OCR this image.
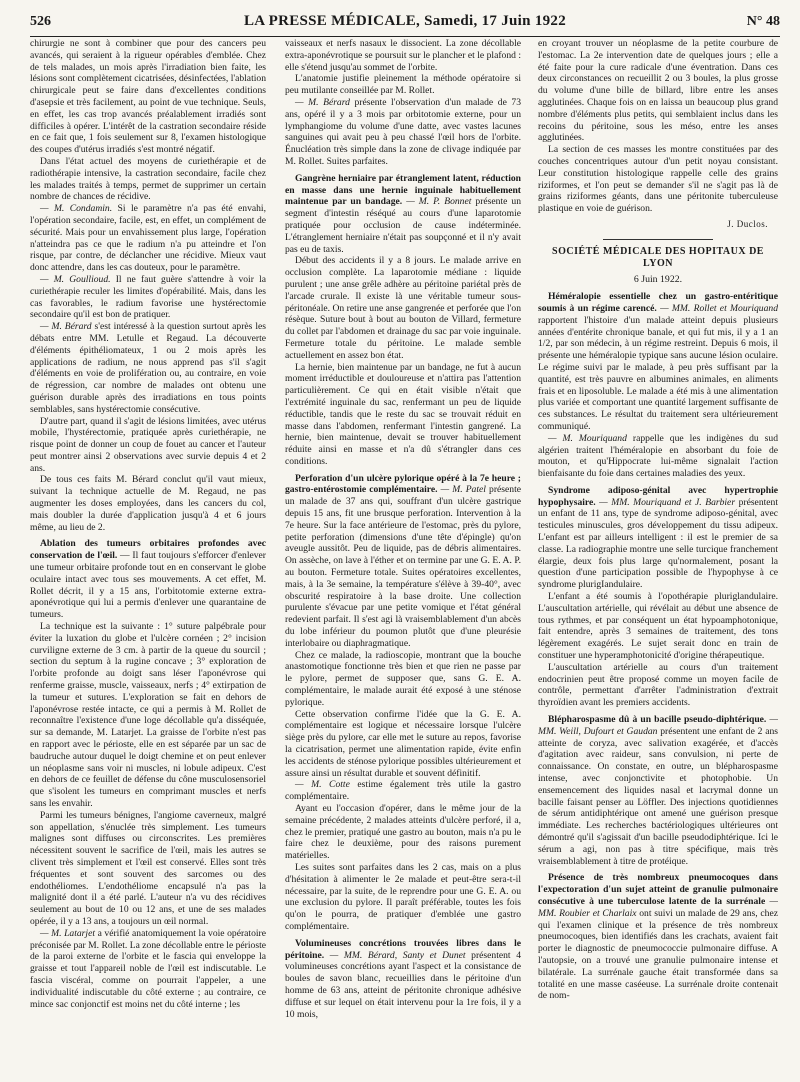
526	LA PRESSE MÉDICALE, Samedi, 17 Juin 1922	N° 48

chirurgie ne sont à combiner que pour des cancers peu avancés, qui seraient à la rigueur opérables d'emblée. Chez de tels malades, un mois après l'irradiation bien faite, les lésions sont complètement cicatrisées, désinfectées, l'ablation chirurgicale peut se faire dans d'excellentes conditions d'asepsie et très facilement, au point de vue technique. Seuls, en effet, les cas trop avancés préalablement irradiés sont difficiles à opérer. L'intérêt de la castration secondaire réside en ce fait que, 1 fois seulement sur 8, l'examen histologique des coupes d'utérus irradiés s'est montré négatif.

Dans l'état actuel des moyens de curiethérapie et de radiothérapie intensive, la castration secondaire, facile chez les malades traités à temps, permet de supprimer un certain nombre de chances de récidive.

— M. Condamin. Si le paramètre n'a pas été envahi, l'opération secondaire, facile, est, en effet, un complément de sécurité. Mais pour un envahissement plus large, l'opération n'atteindra pas ce que le radium n'a pu atteindre et l'on risque, par contre, de déclancher une récidive. Mieux vaut donc attendre, dans les cas douteux, pour le paramètre.

— M. Goullioud. Il ne faut guère s'attendre à voir la curiethérapie reculer les limites d'opérabilité. Mais, dans les cas favorables, le radium favorise une hystérectomie secondaire qu'il est bon de pratiquer.

— M. Bérard s'est intéressé à la question surtout après les débats entre MM. Letulle et Regaud. La découverte d'éléments épithéliomateux, 1 ou 2 mois après les applications de radium, ne nous apprend pas s'il s'agit d'éléments en voie de prolifération ou, au contraire, en voie de régression, car nombre de malades ont obtenu une guérison durable après des irradiations en tous points semblables, sans hystérectomie consécutive.

D'autre part, quand il s'agit de lésions limitées, avec utérus mobile, l'hystérectomie, pratiquée après curiethérapie, ne risque point de donner un coup de fouet au cancer et l'auteur peut montrer ainsi 2 observations avec survie depuis 4 et 2 ans.

De tous ces faits M. Bérard conclut qu'il vaut mieux, suivant la technique actuelle de M. Regaud, ne pas augmenter les doses employées, dans les cancers du col, mais doubler la durée d'application jusqu'à 4 et 6 jours même, au lieu de 2.

Ablation des tumeurs orbitaires profondes avec conservation de l'œil. — Il faut toujours s'efforcer d'enlever une tumeur orbitaire profonde tout en en conservant le globe oculaire intact avec tous ses mouvements. A cet effet, M. Rollet décrit, il y a 15 ans, l'orbitotomie externe extra-aponévrotique qui lui a permis d'enlever une quarantaine de tumeurs.

La technique est la suivante : 1° suture palpébrale pour éviter la luxation du globe et l'ulcère cornéen ; 2° incision curviligne externe de 3 cm. à partir de la queue du sourcil ; section du septum à la rugine concave ; 3° exploration de l'orbite profonde au doigt sans léser l'aponévrose qui renferme graisse, muscle, vaisseaux, nerfs ; 4° extirpation de la tumeur et sutures. L'exploration se fait en dehors de l'aponévrose restée intacte, ce qui a permis à M. Rollet de reconnaître l'existence d'une loge décollable qu'a disséquée, sur sa demande, M. Latarjet. La graisse de l'orbite n'est pas en rapport avec le périoste, elle en est séparée par un sac de baudruche autour duquel le doigt chemine et on peut enlever un néoplasme sans voir ni muscles, ni lobule adipeux. C'est en dehors de ce feuillet de défense du cône musculosensoriel que s'isolent les tumeurs en comprimant muscles et nerfs sans les envahir.

Parmi les tumeurs bénignes, l'angiome caverneux, malgré son appellation, s'énuclée très simplement. Les tumeurs malignes sont diffuses ou circonscrites. Les premières nécessitent souvent le sacrifice de l'œil, mais les autres se clivent très simplement et l'œil est conservé. Elles sont très fréquentes et sont souvent des sarcomes ou des endothéliomes. L'endothéliome encapsulé n'a pas la malignité dont il a été parlé. L'auteur n'a vu des récidives seulement au bout de 10 ou 12 ans, et une de ses malades opérée, il y a 13 ans, a toujours un œil normal.

— M. Latarjet a vérifié anatomiquement la voie opératoire préconisée par M. Rollet. La zone décollable entre le périoste de la paroi externe de l'orbite et le fascia qui enveloppe la graisse et tout l'appareil noble de l'œil est indiscutable. Le fascia viscéral, comme on pourrait l'appeler, a une individualité indiscutable du côté externe ; au contraire, ce mince sac conjonctif est moins net du côté interne ; les

vaisseaux et nerfs nasaux le dissocient. La zone décollable extra-aponévrotique se poursuit sur le plancher et le plafond : elle s'étend jusqu'au sommet de l'orbite.

L'anatomie justifie pleinement la méthode opératoire si peu mutilante conseillée par M. Rollet.

— M. Bérard présente l'observation d'un malade de 73 ans, opéré il y a 3 mois par orbitotomie externe, pour un lymphangiome du volume d'une datte, avec vastes lacunes sanguines qui avait peu à peu chassé l'œil hors de l'orbite. Énucléation très simple dans la zone de clivage indiquée par M. Rollet. Suites parfaites.

Gangrène herniaire par étranglement latent, réduction en masse dans une hernie inguinale habituellement maintenue par un bandage. — M. P. Bonnet présente un segment d'intestin réséqué au cours d'une laparotomie pratiquée pour occlusion de cause indéterminée. L'étranglement herniaire n'était pas soupçonné et il n'y avait pas eu de taxis.

Début des accidents il y a 8 jours. Le malade arrive en occlusion complète. La laparotomie médiane : liquide purulent ; une anse grêle adhère au péritoine pariétal près de l'arcade crurale. Il existe là une véritable tumeur sous-péritonéale. On retire une anse gangrenée et perforée que l'on résèque. Suture bout à bout au bouton de Villard, fermeture du collet par l'abdomen et drainage du sac par voie inguinale. Fermeture totale du péritoine. Le malade semble actuellement en assez bon état.

La hernie, bien maintenue par un bandage, ne fut à aucun moment irréductible et douloureuse et n'attira pas l'attention particulièrement. Ce qui en était visible n'était que l'extrémité inguinale du sac, renfermant un peu de liquide réductible, tandis que le reste du sac se trouvait réduit en masse dans l'abdomen, renfermant l'intestin gangrené. La hernie, bien maintenue, devait se trouver habituellement réduite ainsi en masse et n'a dû s'étrangler dans ces conditions.

Perforation d'un ulcère pylorique opéré à la 7e heure ; gastro-entérostomie complémentaire. — M. Patel présente un malade de 37 ans qui, souffrant d'un ulcère gastrique depuis 15 ans, fit une brusque perforation. Intervention à la 7e heure. Sur la face antérieure de l'estomac, près du pylore, petite perforation (dimensions d'une tête d'épingle) qu'on aveugle aussitôt. Peu de liquide, pas de débris alimentaires. On assèche, on lave à l'éther et on termine par une G. E. A. P. au bouton. Fermeture totale. Suites opératoires excellentes, mais, à la 3e semaine, la température s'élève à 39-40°, avec obscurité respiratoire à la base droite. Une collection purulente s'évacue par une petite vomique et l'état général redevient parfait. Il s'est agi là vraisemblablement d'un abcès du lobe inférieur du poumon plutôt que d'une pleurésie interlobaire ou diaphragmatique.

Chez ce malade, la radioscopie, montrant que la bouche anastomotique fonctionne très bien et que rien ne passe par le pylore, permet de supposer que, sans G. E. A. complémentaire, le malade aurait été exposé à une sténose pylorique.

Cette observation confirme l'idée que la G. E. A. complémentaire est logique et nécessaire lorsque l'ulcère siège près du pylore, car elle met le suture au repos, favorise la cicatrisation, permet une alimentation rapide, évite enfin les accidents de sténose pylorique possibles ultérieurement et assure ainsi un résultat durable et souvent définitif.

— M. Cotte estime également très utile la gastro complémentaire.

Ayant eu l'occasion d'opérer, dans le même jour de la semaine précédente, 2 malades atteints d'ulcère perforé, il a, chez le premier, pratiqué une gastro au bouton, mais n'a pu le faire chez le deuxième, pour des raisons purement matérielles.

Les suites sont parfaites dans les 2 cas, mais on a plus d'hésitation à alimenter le 2e malade et peut-être sera-t-il nécessaire, par la suite, de le reprendre pour une G. E. A. ou une exclusion du pylore. Il paraît préférable, toutes les fois qu'on le pourra, de pratiquer d'emblée une gastro complémentaire.

Volumineuses concrétions trouvées libres dans le péritoine. — MM. Bérard, Santy et Dunet présentent 4 volumineuses concrétions ayant l'aspect et la consistance de boules de savon blanc, recueillies dans le péritoine d'un homme de 63 ans, atteint de péritonite chronique adhésive diffuse et sur lequel on était intervenu pour la 1re fois, il y a 10 mois,

en croyant trouver un néoplasme de la petite courbure de l'estomac. La 2e intervention date de quelques jours ; elle a été faite pour la cure radicale d'une éventration. Dans ces deux circonstances on recueillit 2 ou 3 boules, la plus grosse du volume d'une bille de billard, libre entre les anses agglutinées. Chaque fois on en laissa un beaucoup plus grand nombre d'éléments plus petits, qui semblaient inclus dans les recoins du péritoine, sous les méso, entre les anses agglutinées.

La section de ces masses les montre constituées par des couches concentriques autour d'un petit noyau consistant. Leur constitution histologique rappelle celle des grains riziformes, et l'on peut se demander s'il ne s'agit pas là de grains riziformes géants, dans une péritonite tuberculeuse plastique en voie de guérison.

J. Duclos.
SOCIÉTÉ MÉDICALE DES HOPITAUX DE LYON
6 Juin 1922.

Héméralopie essentielle chez un gastro-entéritique soumis à un régime carencé. — MM. Rollet et Mouriquand rapportent l'histoire d'un malade atteint depuis plusieurs années d'entérite chronique banale, et qui fut mis, il y a 1 an 1/2, par son médecin, à un régime restreint. Depuis 6 mois, il présente une héméralopie typique sans aucune lésion oculaire. Le régime suivi par le malade, à peu près suffisant par la quantité, est très pauvre en albumines animales, en aliments frais et en liposoluble. Le malade a été mis à une alimentation plus variée et comportant une quantité largement suffisante de ces substances. Le résultat du traitement sera ultérieurement communiqué.

— M. Mouriquand rappelle que les indigènes du sud algérien traitent l'héméralopie en absorbant du foie de mouton, et qu'Hippocrate lui-même signalait l'action bienfaisante du foie dans certaines maladies des yeux.

Syndrome adiposo-génital avec hypertrophie hypophysaire. — MM. Mouriquand et J. Barbier présentent un enfant de 11 ans, type de syndrome adiposo-génital, avec testicules minuscules, gros développement du tissu adipeux. L'enfant est par ailleurs intelligent : il est le premier de sa classe. La radiographie montre une selle turcique franchement élargie, deux fois plus large qu'normalement, posant la question d'une participation possible de l'hypophyse à ce syndrome plurigIandulaire.

L'enfant a été soumis à l'opothérapie pluriglandulaire. L'auscultation artérielle, qui révélait au début une absence de tous rythmes, et par conséquent un état hypoamphotonique, fait entendre, après 3 semaines de traitement, des tons légèrement exagérés. Le sujet serait donc en train de constituer une hyperamphotonicité d'origine thérapeutique.

L'auscultation artérielle au cours d'un traitement endocrinien peut être proposé comme un moyen facile de contrôle, permettant d'arrêter l'administration d'extrait thyroïdien avant les premiers accidents.

Blépharospasme dû à un bacille pseudo-diphtérique. — MM. Weill, Dufourt et Gaudan présentent une enfant de 2 ans atteinte de coryza, avec salivation exagérée, et d'accès d'agitation avec raideur, sans convulsion, ni perte de connaissance. On constate, en outre, un blépharospasme intense, avec conjonctivite et photophobie. Un ensemencement des liquides nasal et lacrymal donne un bacille faisant penser au Löffler. Des injections quotidiennes de sérum antidiphtérique ont amené une guérison presque immédiate. Les recherches bactériologiques ultérieures ont démontré qu'il s'agissait d'un bacille pseudodiphtérique. Ici le sérum a agi, non pas à titre spécifique, mais très vraisemblablement à titre de protéique.

Présence de très nombreux pneumocoques dans l'expectoration d'un sujet atteint de granulie pulmonaire consécutive à une tuberculose latente de la surrénale — MM. Roubier et Charlaix ont suivi un malade de 29 ans, chez qui l'examen clinique et la présence de très nombreux pneumocoques, bien identifiés dans les crachats, avaient fait porter le diagnostic de pneumococcie pulmonaire diffuse. A l'autopsie, on a trouvé une granulie pulmonaire intense et bilatérale. La surrénale gauche était transformée dans sa totalité en une masse caséeuse. La surrénale droite contenait de nom-
